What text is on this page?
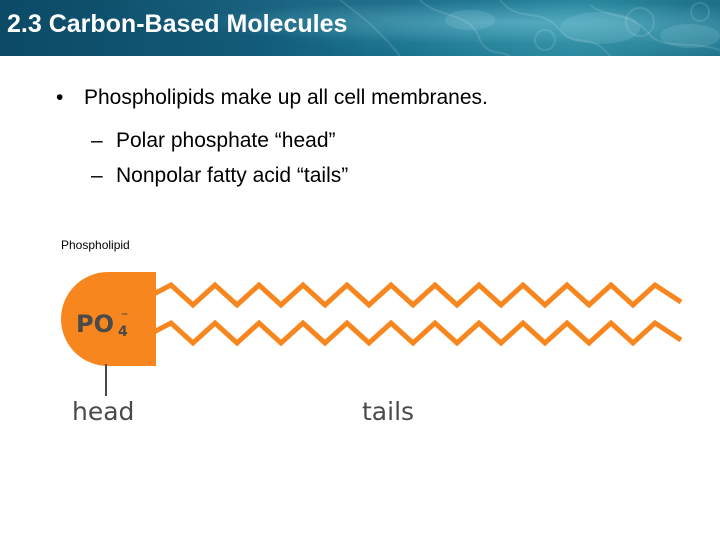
2.3 Carbon-Based Molecules
• Phospholipids make up all cell membranes.
– Polar phosphate “head”
– Nonpolar fatty acid “tails”
Phospholipid
PO 4
–
head	tails
